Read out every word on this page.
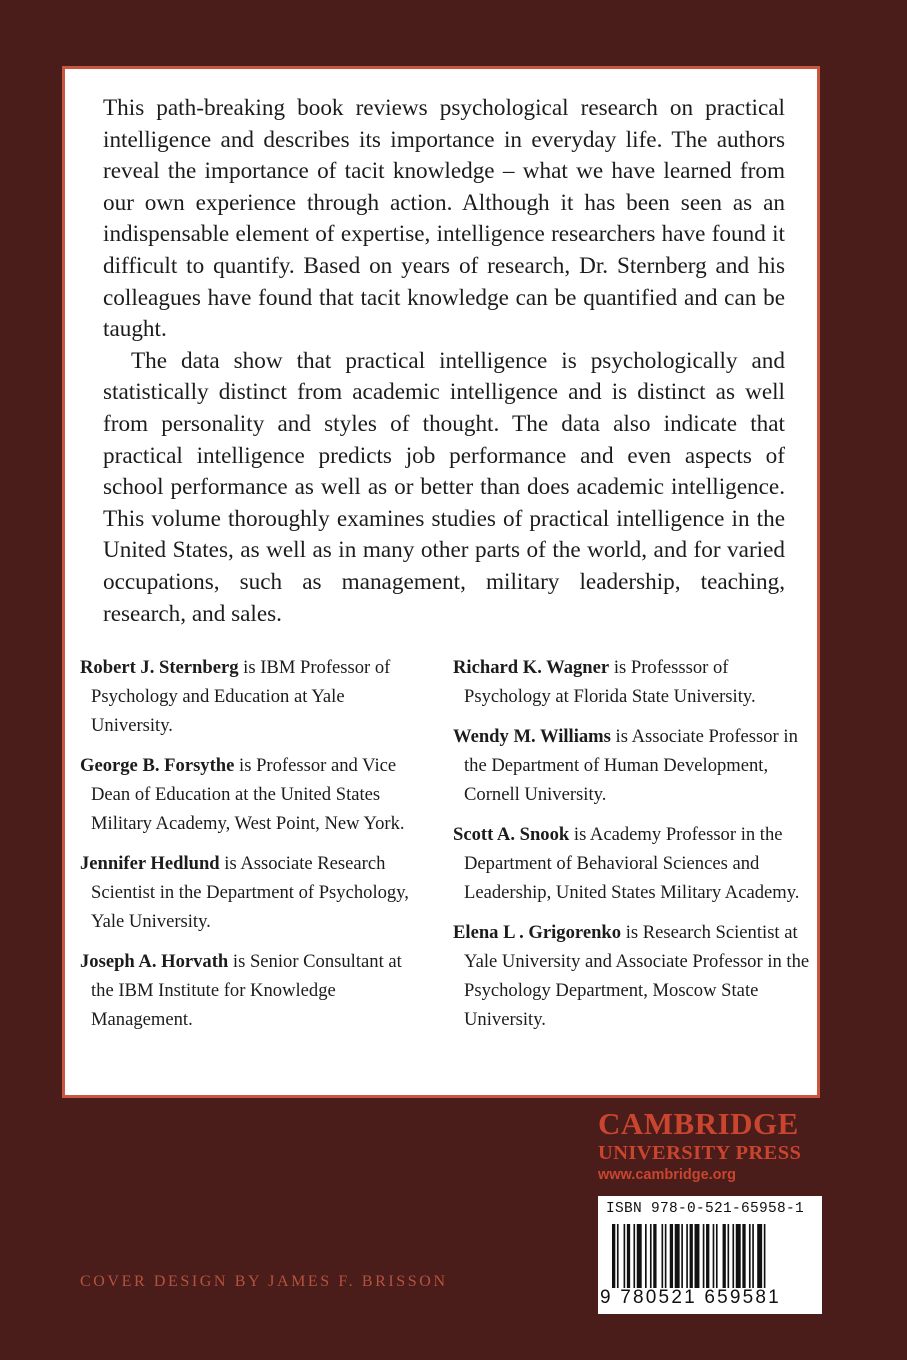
This path-breaking book reviews psychological research on practical intelligence and describes its importance in everyday life. The authors reveal the importance of tacit knowledge – what we have learned from our own experience through action. Although it has been seen as an indispensable element of expertise, intelligence researchers have found it difficult to quantify. Based on years of research, Dr. Sternberg and his colleagues have found that tacit knowledge can be quantified and can be taught.

The data show that practical intelligence is psychologically and statistically distinct from academic intelligence and is distinct as well from personality and styles of thought. The data also indicate that practical intelligence predicts job performance and even aspects of school performance as well as or better than does academic intelligence. This volume thoroughly examines studies of practical intelligence in the United States, as well as in many other parts of the world, and for varied occupations, such as management, military leadership, teaching, research, and sales.

Robert J. Sternberg is IBM Professor of Psychology and Education at Yale University.

George B. Forsythe is Professor and Vice Dean of Education at the United States Military Academy, West Point, New York.

Jennifer Hedlund is Associate Research Scientist in the Department of Psychology, Yale University.

Joseph A. Horvath is Senior Consultant at the IBM Institute for Knowledge Management.

Richard K. Wagner is Professsor of Psychology at Florida State University.

Wendy M. Williams is Associate Professor in the Department of Human Development, Cornell University.

Scott A. Snook is Academy Professor in the Department of Behavioral Sciences and Leadership, United States Military Academy.

Elena L . Grigorenko is Research Scientist at Yale University and Associate Professor in the Psychology Department, Moscow State University.

CAMBRIDGE
UNIVERSITY PRESS
www.cambridge.org
ISBN 978-0-521-65958-1
9 780521 659581
COVER DESIGN BY JAMES F. BRISSON
